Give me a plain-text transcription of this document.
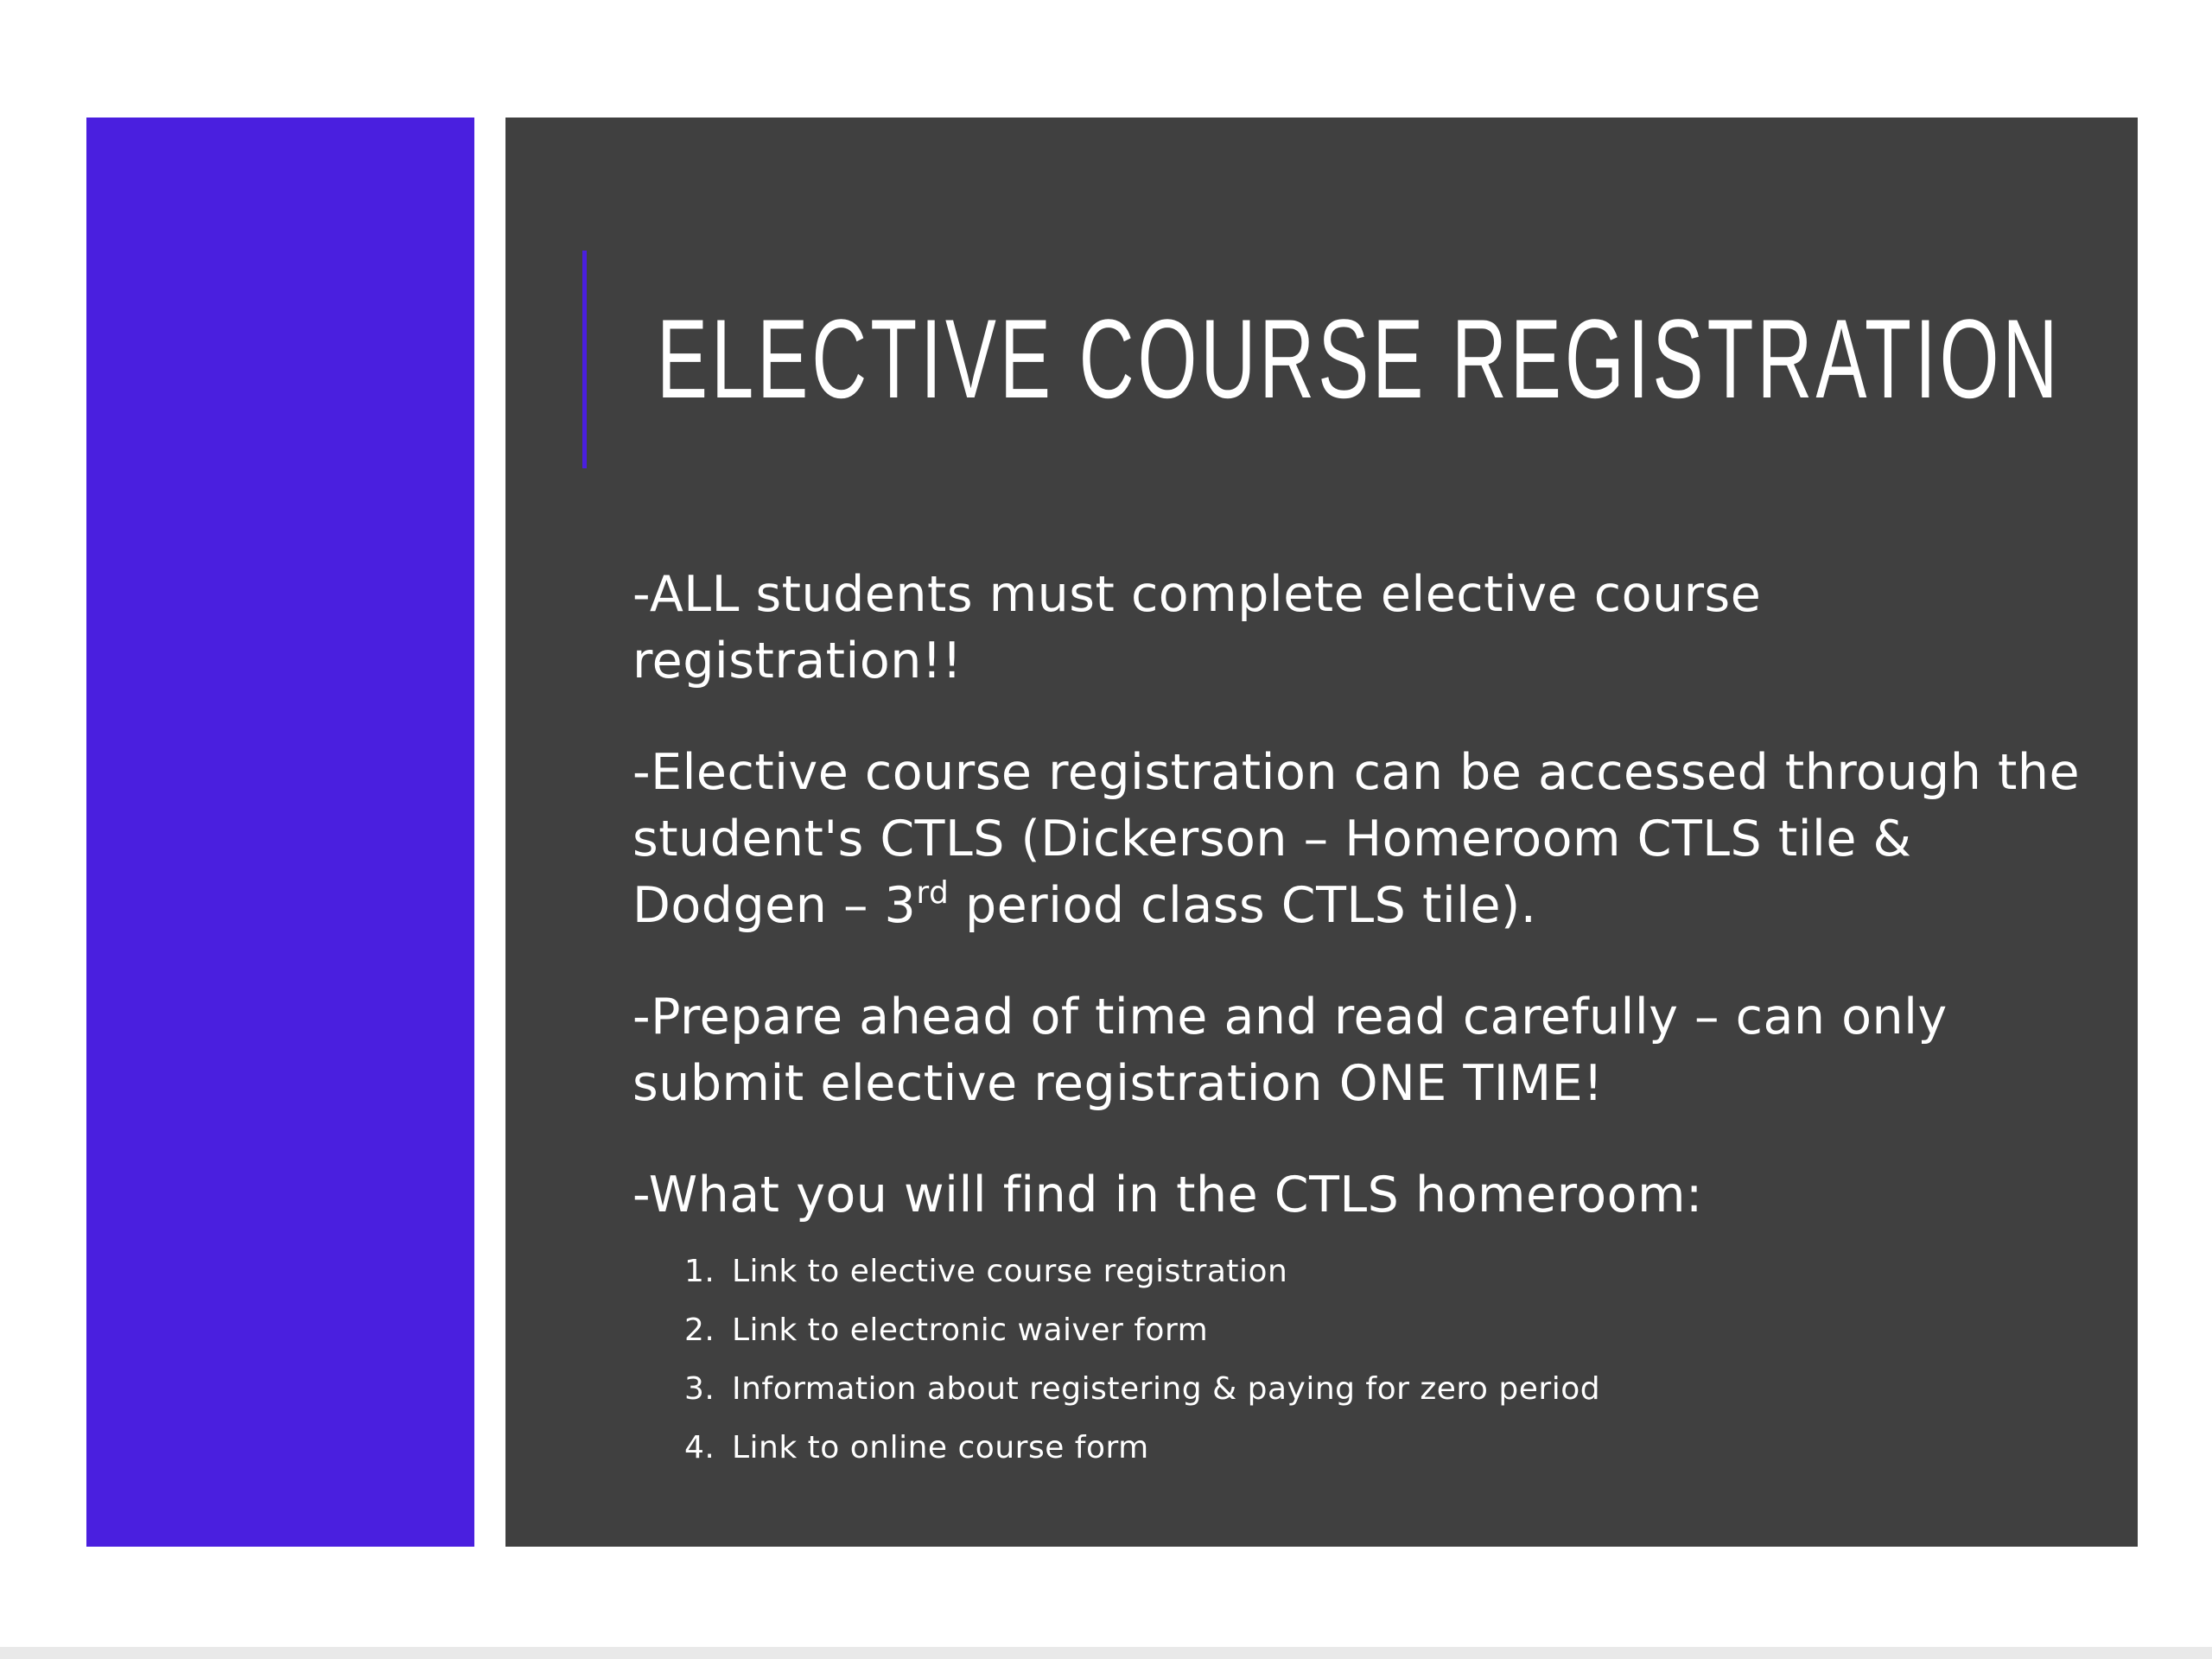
ELECTIVE COURSE REGISTRATION

-ALL students must complete elective course registration!!

-Elective course registration can be accessed through the student's CTLS (Dickerson – Homeroom CTLS tile & Dodgen – 3rd period class CTLS tile).

-Prepare ahead of time and read carefully – can only submit elective registration ONE TIME!

-What you will find in the CTLS homeroom:

1. Link to elective course registration
2. Link to electronic waiver form
3. Information about registering & paying for zero period
4. Link to online course form
